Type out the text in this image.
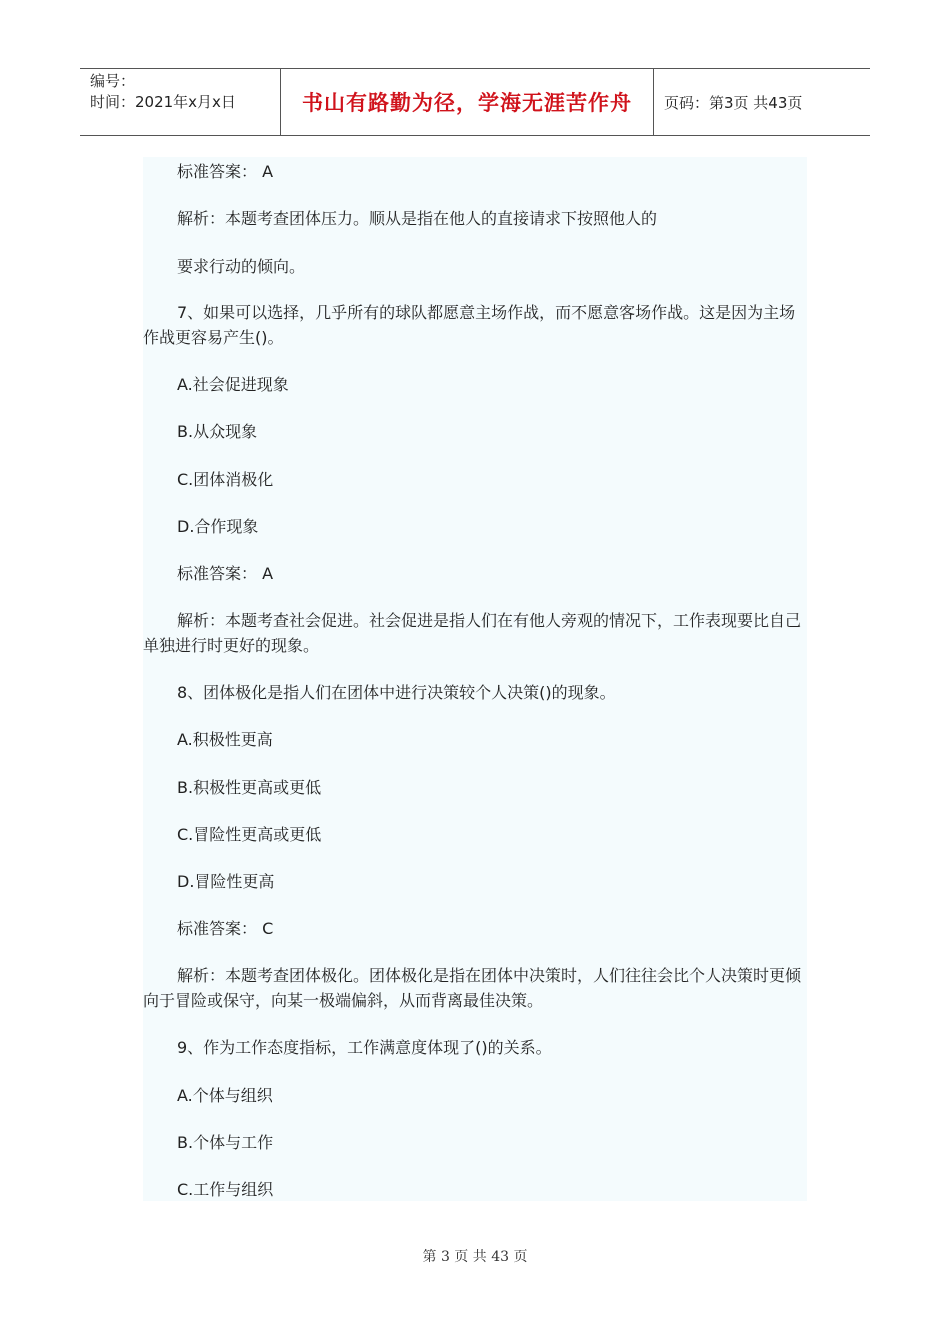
编号：
时间：2021年x月x日	书山有路勤为径，学海无涯苦作舟 页码：第3页 共43页
标准答案： A
解析：本题考查团体压力。顺从是指在他人的直接请求下按照他人的
要求行动的倾向。
7、如果可以选择，几乎所有的球队都愿意主场作战，而不愿意客场作战。这是因为主场作战更容易产生()。
A.社会促进现象
B.从众现象
C.团体消极化
D.合作现象
标准答案： A
解析：本题考查社会促进。社会促进是指人们在有他人旁观的情况下，工作表现要比自己单独进行时更好的现象。
8、团体极化是指人们在团体中进行决策较个人决策()的现象。
A.积极性更高
B.积极性更高或更低
C.冒险性更高或更低
D.冒险性更高
标准答案： C
解析：本题考查团体极化。团体极化是指在团体中决策时，人们往往会比个人决策时更倾向于冒险或保守，向某一极端偏斜，从而背离最佳决策。
9、作为工作态度指标，工作满意度体现了()的关系。
A.个体与组织
B.个体与工作
C.工作与组织
第 3 页 共 43 页
